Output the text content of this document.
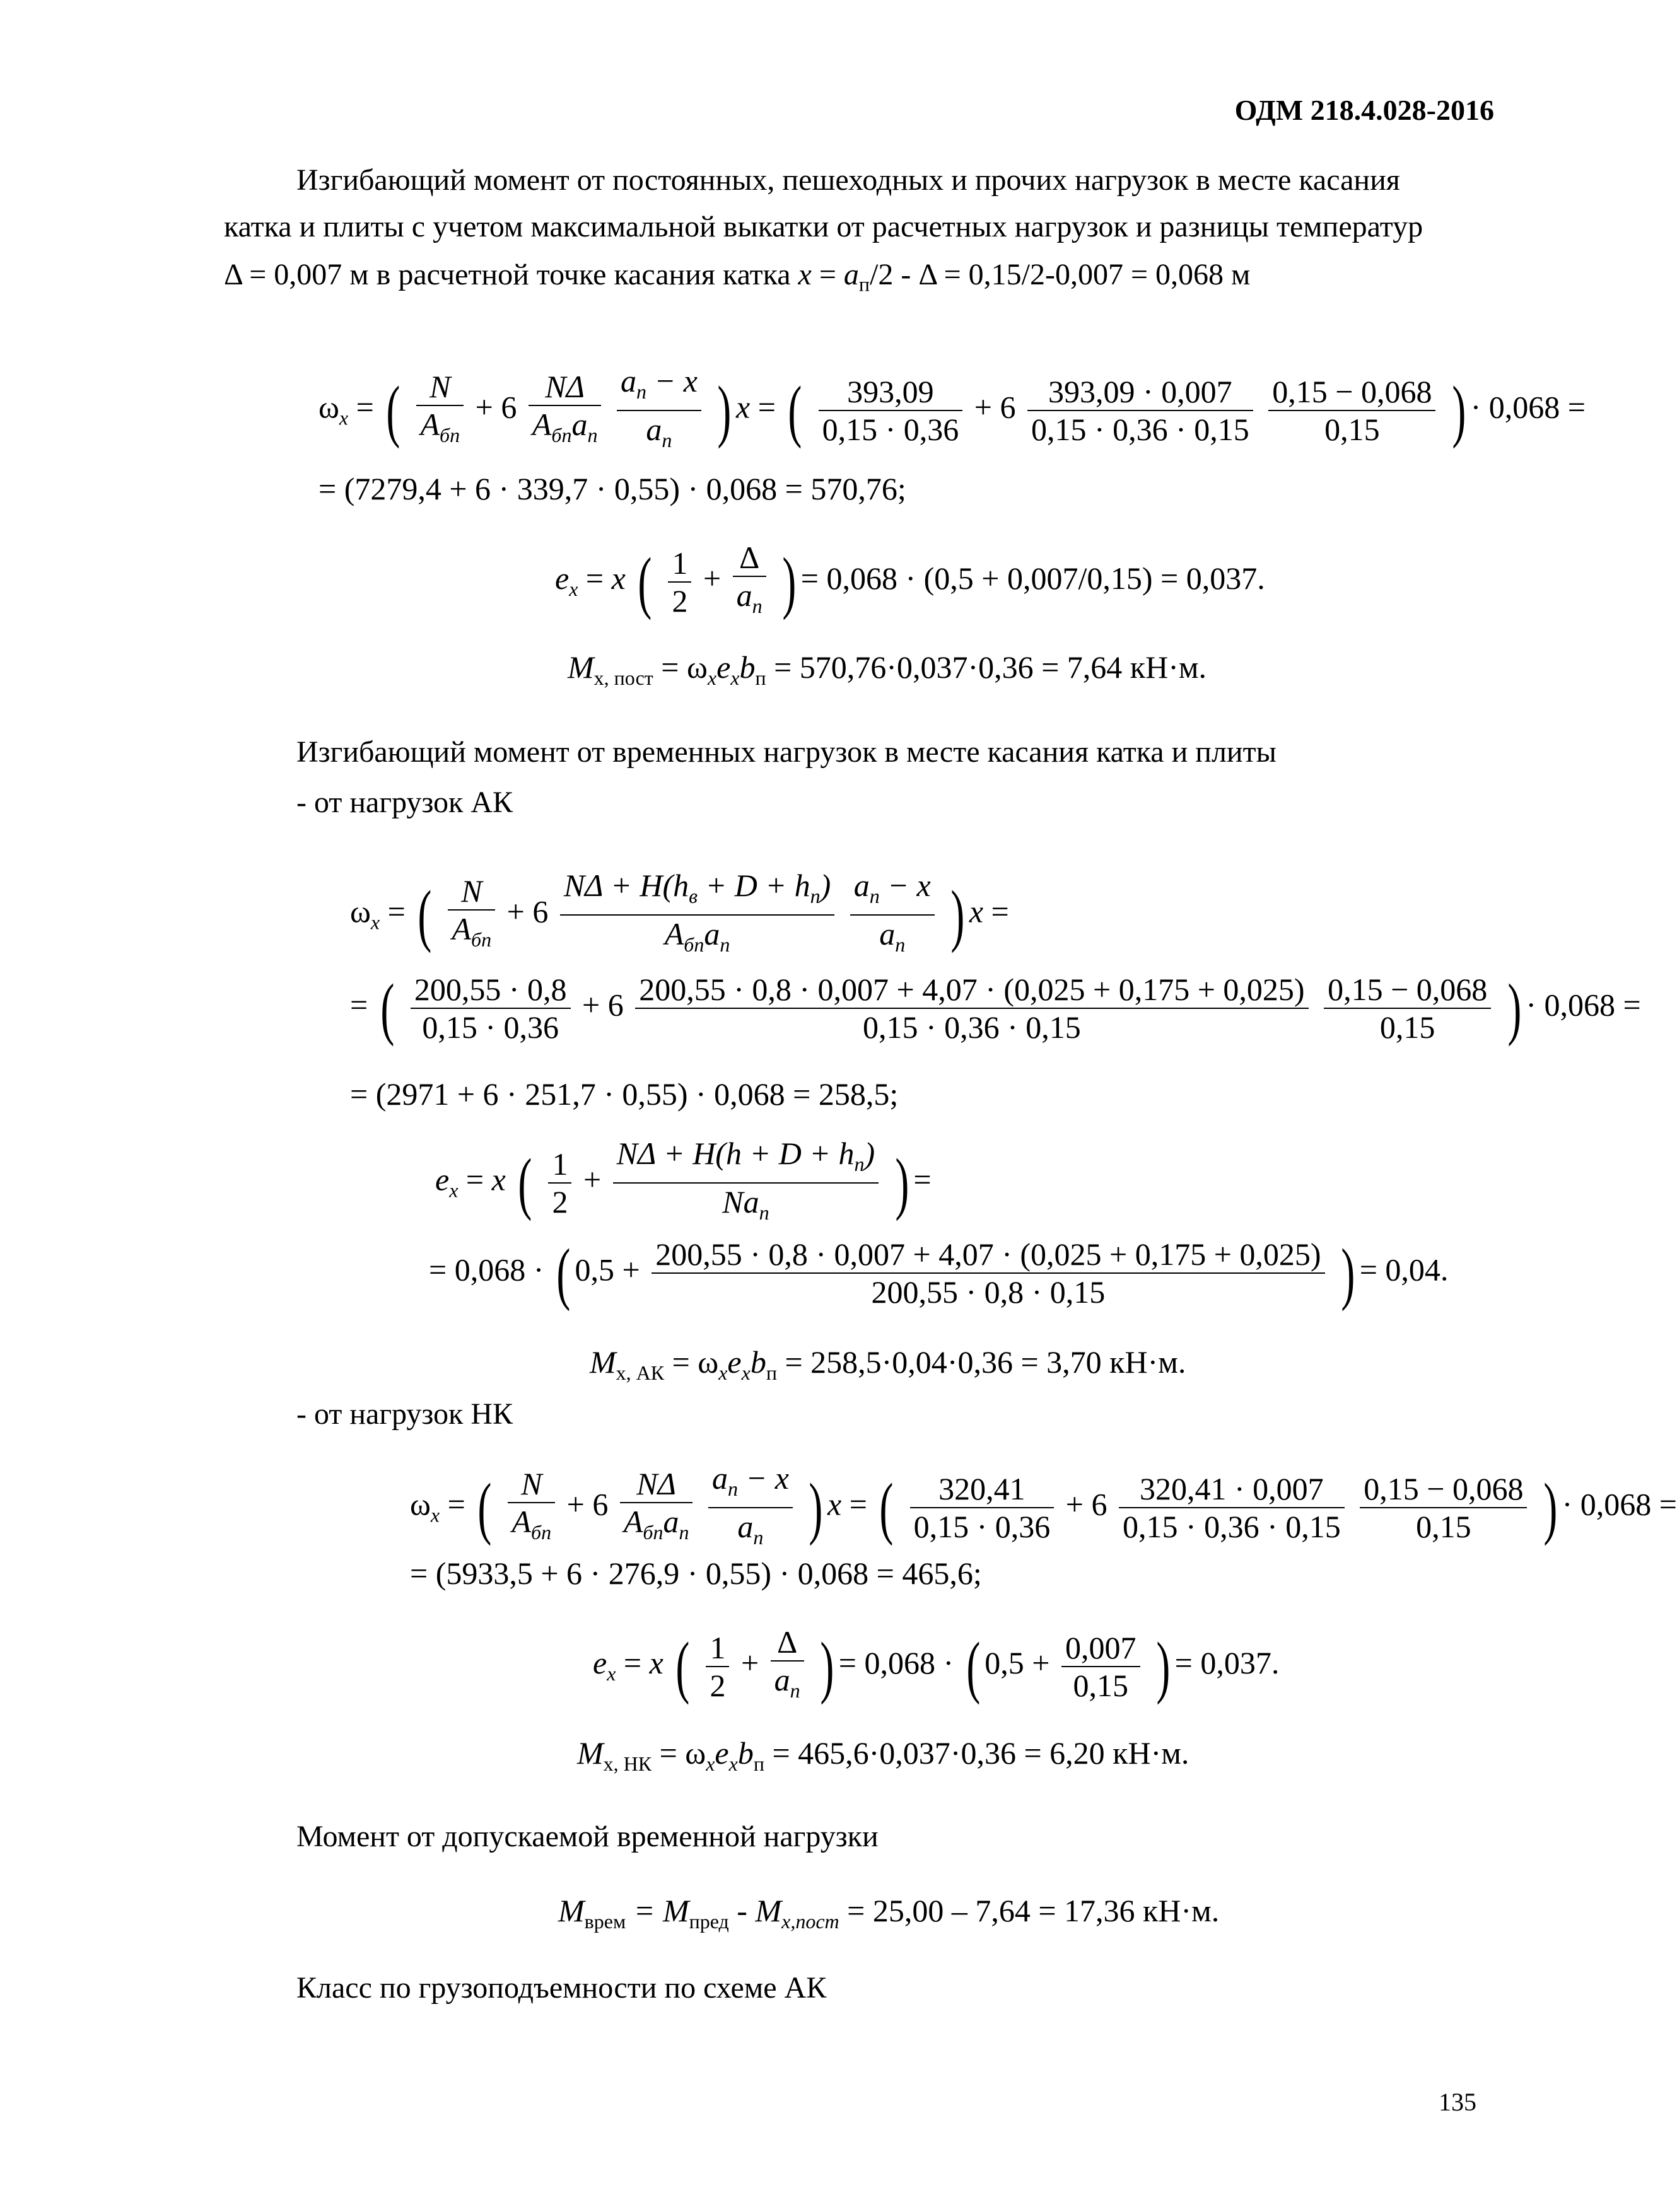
ОДМ 218.4.028-2016
Изгибающий момент от постоянных, пешеходных и прочих нагрузок в месте касания
катка и плиты с учетом максимальной выкатки от расчетных нагрузок и разницы температур
Δ = 0,007 м в расчетной точке касания катка $x = a_п/2 - \Delta = 0,15/2-0,007 = 0,068$ м
$\omega_x$ = ( $\frac{N}{A_{бп}} + 6 \frac{N\Delta}{A_{бп}a_п}$
$\frac{a_п - x}{a_п}$ ) x = ( $\frac{393,09}{0,15 \cdot 0,36} + 6 \frac{393,09 \cdot 0,007}{0,15 \cdot 0,36 \cdot 0,15}$
$\frac{0,15 - 0,068}{0,15}$ ) · 0,068 =
= (7279,4 + 6 · 339,7 · 0,55) · 0,068 = 570,76;
$e_x = x$ ( $\frac{1}{2} + \frac{\Delta}{a_п}$ ) = 0,068 · (0,5 + 0,007/0,15) = 0,037.
$M_{x, пост} = \omega_xe_xb_п = 570,76\cdot 0,037\cdot 0,36 = 7,64$ кН·м.
Изгибающий момент от временных нагрузок в месте касания катка и плиты
- от нагрузок АК
$\omega_x$ = ( $\frac{N}{A_{бп}} + 6 \frac{N\Delta + H(h_в + D + h_п)}{A_{бп}a_п}$
$\frac{a_п - x}{a_п}$ ) x =
= ( $\frac{200,55 \cdot 0,8}{0,15 \cdot 0,36} + 6 \frac{200,55 \cdot 0,8 \cdot 0,007 + 4,07 \cdot (0,025 + 0,175 + 0,025)}{0,15 \cdot 0,36 \cdot 0,15}$
$\frac{0,15 - 0,068}{0,15}$ ) · 0,068 =
= (2971 + 6 · 251,7 · 0,55) · 0,068 = 258,5;
$e_x = x$ ( $\frac{1}{2} + \frac{N\Delta + H(h + D + h_п)}{Na_п}$ ) =
= 0,068 · ( $0,5 + \frac{200,55 \cdot 0,8 \cdot 0,007 + 4,07 \cdot (0,025 + 0,175 + 0,025)}{200,55 \cdot 0,8 \cdot 0,15}$ ) = 0,04.
$M_{x, АК} = \omega_xe_xb_п = 258,5\cdot 0,04\cdot 0,36 = 3,70$ кН·м.
- от нагрузок НК
$\omega_x$ = ( $\frac{N}{A_{бп}} + 6 \frac{N\Delta}{A_{бп}a_п}$
$\frac{a_п - x}{a_п}$ ) x = ( $\frac{320,41}{0,15 \cdot 0,36} + 6 \frac{320,41 \cdot 0,007}{0,15 \cdot 0,36 \cdot 0,15}$
$\frac{0,15 - 0,068}{0,15}$ ) · 0,068 =
= (5933,5 + 6 · 276,9 · 0,55) · 0,068 = 465,6;
$e_x = x$ ( $\frac{1}{2} + \frac{\Delta}{a_п}$ ) = 0,068 · ( $0,5 + \frac{0,007}{0,15}$ ) = 0,037.
$M_{x, НК} = \omega_xe_xb_п = 465,6\cdot 0,037\cdot 0,36 = 6,20$ кН·м.
Момент от допускаемой временной нагрузки
$M_{врем} = M_{пред} - M_{x,пост} = 25,00 - 7,64 = 17,36$ кН·м.
Класс по грузоподъемности по схеме АК
135
